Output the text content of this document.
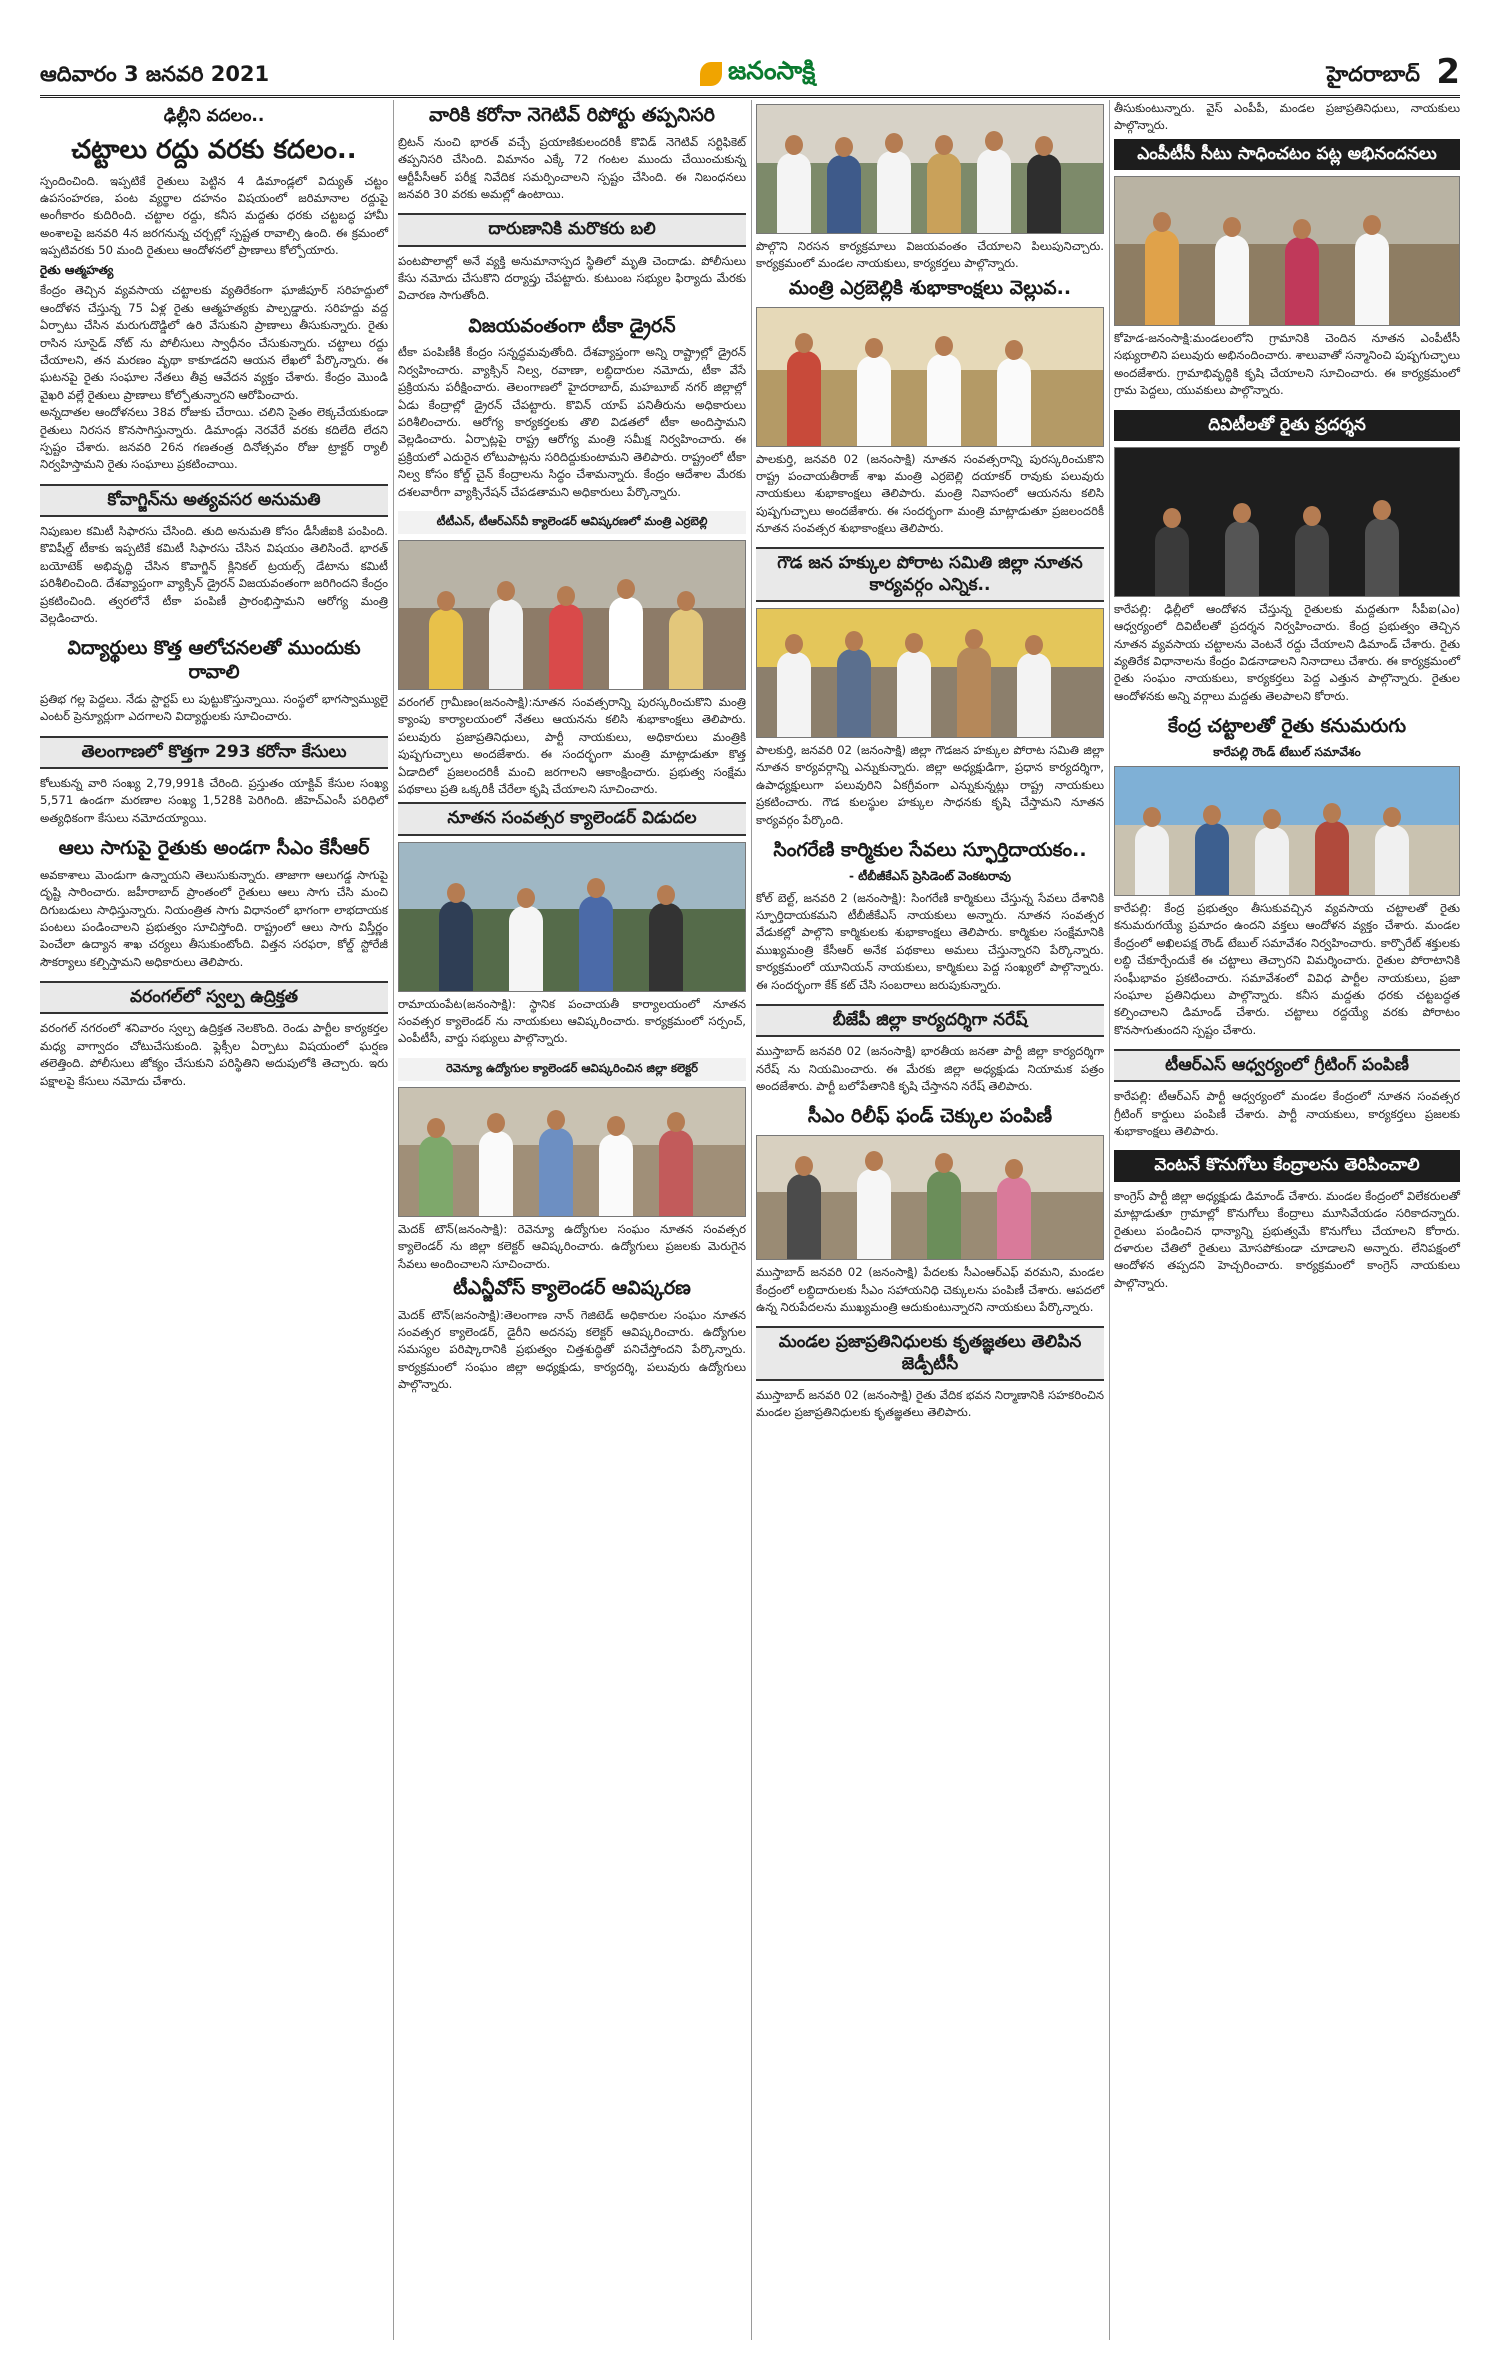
ఆదివారం 3 జనవరి 2021	జనంసాక్షి	హైదరాబాద్ 2
ఢిల్లీని వదలం..
చట్టాలు రద్దు వరకు కదలం..

స్పందించింది. ఇప్పటికే రైతులు పెట్టిన 4 డిమాండ్లలో విద్యుత్ చట్టం ఉపసంహరణ, పంట వ్యర్థాల దహనం విషయంలో జరిమానాల రద్దుపై అంగీకారం కుదిరింది. చట్టాల రద్దు, కనీస మద్దతు ధరకు చట్టబద్ధ హామీ అంశాలపై జనవరి 4న జరగనున్న చర్చల్లో స్పష్టత రావాల్సి ఉంది. ఈ క్రమంలో ఇప్పటివరకు 50 మంది రైతులు ఆందోళనలో ప్రాణాలు కోల్పోయారు.

రైతు ఆత్మహత్య

కేంద్రం తెచ్చిన వ్యవసాయ చట్టాలకు వ్యతిరేకంగా ఘాజీపూర్ సరిహద్దులో ఆందోళన చేస్తున్న 75 ఏళ్ల రైతు ఆత్మహత్యకు పాల్పడ్డారు. సరిహద్దు వద్ద ఏర్పాటు చేసిన మరుగుదొడ్డిలో ఉరి వేసుకుని ప్రాణాలు తీసుకున్నారు. రైతు రాసిన సూసైడ్ నోట్ ను పోలీసులు స్వాధీనం చేసుకున్నారు. చట్టాలు రద్దు చేయాలని, తన మరణం వృథా కాకూడదని ఆయన లేఖలో పేర్కొన్నారు. ఈ ఘటనపై రైతు సంఘాల నేతలు తీవ్ర ఆవేదన వ్యక్తం చేశారు. కేంద్రం మొండి వైఖరి వల్లే రైతులు ప్రాణాలు కోల్పోతున్నారని ఆరోపించారు.

అన్నదాతల ఆందోళనలు 38వ రోజుకు చేరాయి. చలిని సైతం లెక్కచేయకుండా రైతులు నిరసన కొనసాగిస్తున్నారు. డిమాండ్లు నెరవేరే వరకు కదిలేది లేదని స్పష్టం చేశారు. జనవరి 26న గణతంత్ర దినోత్సవం రోజు ట్రాక్టర్ ర్యాలీ నిర్వహిస్తామని రైతు సంఘాలు ప్రకటించాయి.

కోవాగ్జిన్‌ను అత్యవసర అనుమతి

నిపుణుల కమిటీ సిఫారసు చేసింది. తుది అనుమతి కోసం డీసీజీఐకి పంపింది. కొవిషీల్డ్ టీకాకు ఇప్పటికే కమిటీ సిఫారసు చేసిన విషయం తెలిసిందే. భారత్ బయోటెక్ అభివృద్ధి చేసిన కొవాగ్జిన్ క్లినికల్ ట్రయల్స్ డేటాను కమిటీ పరిశీలించింది. దేశవ్యాప్తంగా వ్యాక్సిన్ డ్రైరన్ విజయవంతంగా జరిగిందని కేంద్రం ప్రకటించింది. త్వరలోనే టీకా పంపిణీ ప్రారంభిస్తామని ఆరోగ్య మంత్రి వెల్లడించారు.

విద్యార్థులు కొత్త ఆలోచనలతో ముందుకు రావాలి

ప్రతిభ గల్ల పెద్దలు. నేడు స్టార్టప్ లు పుట్టుకొస్తున్నాయి. సంస్థలో భాగస్వామ్యులై ఎంటర్ ప్రెన్యూర్లుగా ఎదగాలని విద్యార్థులకు సూచించారు.

తెలంగాణలో కొత్తగా 293 కరోనా కేసులు

కోలుకున్న వారి సంఖ్య 2,79,991కి చేరింది. ప్రస్తుతం యాక్టివ్ కేసుల సంఖ్య 5,571 ఉండగా మరణాల సంఖ్య 1,528కి పెరిగింది. జీహెచ్ఎంసీ పరిధిలో అత్యధికంగా కేసులు నమోదయ్యాయి.

ఆలు సాగుపై రైతుకు అండగా సీఎం కేసీఆర్

అవకాశాలు మెండుగా ఉన్నాయని తెలుసుకున్నారు. తాజాగా ఆలుగడ్డ సాగుపై దృష్టి సారించారు. జహీరాబాద్ ప్రాంతంలో రైతులు ఆలు సాగు చేసి మంచి దిగుబడులు సాధిస్తున్నారు. నియంత్రిత సాగు విధానంలో భాగంగా లాభదాయక పంటలు పండించాలని ప్రభుత్వం సూచిస్తోంది. రాష్ట్రంలో ఆలు సాగు విస్తీర్ణం పెంచేలా ఉద్యాన శాఖ చర్యలు తీసుకుంటోంది. విత్తన సరఫరా, కోల్డ్ స్టోరేజీ సౌకర్యాలు కల్పిస్తామని అధికారులు తెలిపారు.

వరంగల్‌లో స్వల్ప ఉద్రిక్తత

వరంగల్ నగరంలో శనివారం స్వల్ప ఉద్రిక్తత నెలకొంది. రెండు పార్టీల కార్యకర్తల మధ్య వాగ్వాదం చోటుచేసుకుంది. ఫ్లెక్సీల ఏర్పాటు విషయంలో ఘర్షణ తలెత్తింది. పోలీసులు జోక్యం చేసుకుని పరిస్థితిని అదుపులోకి తెచ్చారు. ఇరు పక్షాలపై కేసులు నమోదు చేశారు.

వారికి కరోనా నెగెటివ్ రిపోర్టు తప్పనిసరి

బ్రిటన్ నుంచి భారత్ వచ్చే ప్రయాణికులందరికీ కొవిడ్ నెగెటివ్ సర్టిఫికెట్ తప్పనిసరి చేసింది. విమానం ఎక్కే 72 గంటల ముందు చేయించుకున్న ఆర్టీపీసీఆర్ పరీక్ష నివేదిక సమర్పించాలని స్పష్టం చేసింది. ఈ నిబంధనలు జనవరి 30 వరకు అమల్లో ఉంటాయి.

దారుణానికి మరొకరు బలి

పంటపొలాల్లో అనే వ్యక్తి అనుమానాస్పద స్థితిలో మృతి చెందాడు. పోలీసులు కేసు నమోదు చేసుకొని దర్యాప్తు చేపట్టారు. కుటుంబ సభ్యుల ఫిర్యాదు మేరకు విచారణ సాగుతోంది.

విజయవంతంగా టీకా డ్రైరన్

టీకా పంపిణీకి కేంద్రం సన్నద్ధమవుతోంది. దేశవ్యాప్తంగా అన్ని రాష్ట్రాల్లో డ్రైరన్ నిర్వహించారు. వ్యాక్సిన్ నిల్వ, రవాణా, లబ్ధిదారుల నమోదు, టీకా వేసే ప్రక్రియను పరీక్షించారు. తెలంగాణలో హైదరాబాద్, మహబూబ్ నగర్ జిల్లాల్లో ఏడు కేంద్రాల్లో డ్రైరన్ చేపట్టారు. కొవిన్ యాప్ పనితీరును అధికారులు పరిశీలించారు. ఆరోగ్య కార్యకర్తలకు తొలి విడతలో టీకా అందిస్తామని వెల్లడించారు. ఏర్పాట్లపై రాష్ట్ర ఆరోగ్య మంత్రి సమీక్ష నిర్వహించారు. ఈ ప్రక్రియలో ఎదురైన లోటుపాట్లను సరిదిద్దుకుంటామని తెలిపారు. రాష్ట్రంలో టీకా నిల్వ కోసం కోల్డ్ చైన్ కేంద్రాలను సిద్ధం చేశామన్నారు. కేంద్రం ఆదేశాల మేరకు దశలవారీగా వ్యాక్సినేషన్ చేపడతామని అధికారులు పేర్కొన్నారు.

టీటీఎన్, టీఆర్ఎస్‌వీ క్యాలెండర్ ఆవిష్కరణలో మంత్రి ఎర్రబెల్లి

వరంగల్ గ్రామీణం(జనంసాక్షి):నూతన సంవత్సరాన్ని పురస్కరించుకొని మంత్రి క్యాంపు కార్యాలయంలో నేతలు ఆయనను కలిసి శుభాకాంక్షలు తెలిపారు. పలువురు ప్రజాప్రతినిధులు, పార్టీ నాయకులు, అధికారులు మంత్రికి పుష్పగుచ్ఛాలు అందజేశారు. ఈ సందర్భంగా మంత్రి మాట్లాడుతూ కొత్త ఏడాదిలో ప్రజలందరికీ మంచి జరగాలని ఆకాంక్షించారు. ప్రభుత్వ సంక్షేమ పథకాలు ప్రతి ఒక్కరికీ చేరేలా కృషి చేయాలని సూచించారు.

నూతన సంవత్సర క్యాలెండర్ విడుదల

రామాయంపేట(జనంసాక్షి): స్థానిక పంచాయతీ కార్యాలయంలో నూతన సంవత్సర క్యాలెండర్ ను నాయకులు ఆవిష్కరించారు. కార్యక్రమంలో సర్పంచ్, ఎంపీటీసీ, వార్డు సభ్యులు పాల్గొన్నారు.

రెవెన్యూ ఉద్యోగుల క్యాలెండర్ ఆవిష్కరించిన జిల్లా కలెక్టర్

మెదక్ టౌన్(జనంసాక్షి): రెవెన్యూ ఉద్యోగుల సంఘం నూతన సంవత్సర క్యాలెండర్ ను జిల్లా కలెక్టర్ ఆవిష్కరించారు. ఉద్యోగులు ప్రజలకు మెరుగైన సేవలు అందించాలని సూచించారు.

టీఎన్జీవోస్ క్యాలెండర్ ఆవిష్కరణ

మెదక్ టౌన్(జనంసాక్షి):తెలంగాణ నాన్ గెజిటెడ్ అధికారుల సంఘం నూతన సంవత్సర క్యాలెండర్, డైరీని అదనపు కలెక్టర్ ఆవిష్కరించారు. ఉద్యోగుల సమస్యల పరిష్కారానికి ప్రభుత్వం చిత్తశుద్ధితో పనిచేస్తోందని పేర్కొన్నారు. కార్యక్రమంలో సంఘం జిల్లా అధ్యక్షుడు, కార్యదర్శి, పలువురు ఉద్యోగులు పాల్గొన్నారు.

పొల్గొని నిరసన కార్యక్రమాలు విజయవంతం చేయాలని పిలుపునిచ్చారు. కార్యక్రమంలో మండల నాయకులు, కార్యకర్తలు పాల్గొన్నారు.

మంత్రి ఎర్రబెల్లికి శుభాకాంక్షలు వెల్లువ..

పాలకుర్తి, జనవరి 02 (జనంసాక్షి) నూతన సంవత్సరాన్ని పురస్కరించుకొని రాష్ట్ర పంచాయతీరాజ్ శాఖ మంత్రి ఎర్రబెల్లి దయాకర్ రావుకు పలువురు నాయకులు శుభాకాంక్షలు తెలిపారు. మంత్రి నివాసంలో ఆయనను కలిసి పుష్పగుచ్ఛాలు అందజేశారు. ఈ సందర్భంగా మంత్రి మాట్లాడుతూ ప్రజలందరికీ నూతన సంవత్సర శుభాకాంక్షలు తెలిపారు.

గౌడ జన హక్కుల పోరాట సమితి జిల్లా నూతన కార్యవర్గం ఎన్నిక..

పాలకుర్తి, జనవరి 02 (జనంసాక్షి) జిల్లా గౌడజన హక్కుల పోరాట సమితి జిల్లా నూతన కార్యవర్గాన్ని ఎన్నుకున్నారు. జిల్లా అధ్యక్షుడిగా, ప్రధాన కార్యదర్శిగా, ఉపాధ్యక్షులుగా పలువురిని ఏకగ్రీవంగా ఎన్నుకున్నట్లు రాష్ట్ర నాయకులు ప్రకటించారు. గౌడ కులస్థుల హక్కుల సాధనకు కృషి చేస్తామని నూతన కార్యవర్గం పేర్కొంది.

సింగరేణి కార్మికుల సేవలు స్ఫూర్తిదాయకం..
- టీబీజీకేఎస్ ప్రెసిడెంట్ వెంకటరావు

కోల్ బెల్ట్, జనవరి 2 (జనంసాక్షి): సింగరేణి కార్మికులు చేస్తున్న సేవలు దేశానికి స్ఫూర్తిదాయకమని టీబీజీకేఎస్ నాయకులు అన్నారు. నూతన సంవత్సర వేడుకల్లో పాల్గొని కార్మికులకు శుభాకాంక్షలు తెలిపారు. కార్మికుల సంక్షేమానికి ముఖ్యమంత్రి కేసీఆర్ అనేక పథకాలు అమలు చేస్తున్నారని పేర్కొన్నారు. కార్యక్రమంలో యూనియన్ నాయకులు, కార్మికులు పెద్ద సంఖ్యలో పాల్గొన్నారు. ఈ సందర్భంగా కేక్ కట్ చేసి సంబరాలు జరుపుకున్నారు.

బీజేపీ జిల్లా కార్యదర్శిగా నరేష్

ముస్తాబాద్ జనవరి 02 (జనంసాక్షి) భారతీయ జనతా పార్టీ జిల్లా కార్యదర్శిగా నరేష్ ను నియమించారు. ఈ మేరకు జిల్లా అధ్యక్షుడు నియామక పత్రం అందజేశారు. పార్టీ బలోపేతానికి కృషి చేస్తానని నరేష్ తెలిపారు.

సీఎం రిలీఫ్ ఫండ్ చెక్కుల పంపిణీ

ముస్తాబాద్ జనవరి 02 (జనంసాక్షి) పేదలకు సీఎంఆర్ఎఫ్ వరమని, మండల కేంద్రంలో లబ్ధిదారులకు సీఎం సహాయనిధి చెక్కులను పంపిణీ చేశారు. ఆపదలో ఉన్న నిరుపేదలను ముఖ్యమంత్రి ఆదుకుంటున్నారని నాయకులు పేర్కొన్నారు.

మండల ప్రజాప్రతినిధులకు కృతజ్ఞతలు తెలిపిన జెడ్పీటీసీ

ముస్తాబాద్ జనవరి 02 (జనంసాక్షి) రైతు వేదిక భవన నిర్మాణానికి సహకరించిన మండల ప్రజాప్రతినిధులకు కృతజ్ఞతలు తెలిపారు.

తీసుకుంటున్నారు. వైస్ ఎంపీపీ, మండల ప్రజాప్రతినిధులు, నాయకులు పాల్గొన్నారు.

ఎంపీటీసీ సీటు సాధించటం పట్ల అభినందనలు

కోహెడ-జనంసాక్షి:మండలంలోని గ్రామానికి చెందిన నూతన ఎంపీటీసీ సభ్యురాలిని పలువురు అభినందించారు. శాలువాతో సన్మానించి పుష్పగుచ్ఛాలు అందజేశారు. గ్రామాభివృద్ధికి కృషి చేయాలని సూచించారు. ఈ కార్యక్రమంలో గ్రామ పెద్దలు, యువకులు పాల్గొన్నారు.

దివిటీలతో రైతు ప్రదర్శన

కారేపల్లి: ఢిల్లీలో ఆందోళన చేస్తున్న రైతులకు మద్దతుగా సీపీఐ(ఎం) ఆధ్వర్యంలో దివిటీలతో ప్రదర్శన నిర్వహించారు. కేంద్ర ప్రభుత్వం తెచ్చిన నూతన వ్యవసాయ చట్టాలను వెంటనే రద్దు చేయాలని డిమాండ్ చేశారు. రైతు వ్యతిరేక విధానాలను కేంద్రం విడనాడాలని నినాదాలు చేశారు. ఈ కార్యక్రమంలో రైతు సంఘం నాయకులు, కార్యకర్తలు పెద్ద ఎత్తున పాల్గొన్నారు. రైతుల ఆందోళనకు అన్ని వర్గాలు మద్దతు తెలపాలని కోరారు.

కేంద్ర చట్టాలతో రైతు కనుమరుగు
కారేపల్లి రౌండ్ టేబుల్ సమావేశం

కారేపల్లి: కేంద్ర ప్రభుత్వం తీసుకువచ్చిన వ్యవసాయ చట్టాలతో రైతు కనుమరుగయ్యే ప్రమాదం ఉందని వక్తలు ఆందోళన వ్యక్తం చేశారు. మండల కేంద్రంలో అఖిలపక్ష రౌండ్ టేబుల్ సమావేశం నిర్వహించారు. కార్పొరేట్ శక్తులకు లబ్ధి చేకూర్చేందుకే ఈ చట్టాలు తెచ్చారని విమర్శించారు. రైతుల పోరాటానికి సంఘీభావం ప్రకటించారు. సమావేశంలో వివిధ పార్టీల నాయకులు, ప్రజా సంఘాల ప్రతినిధులు పాల్గొన్నారు. కనీస మద్దతు ధరకు చట్టబద్ధత కల్పించాలని డిమాండ్ చేశారు. చట్టాలు రద్దయ్యే వరకు పోరాటం కొనసాగుతుందని స్పష్టం చేశారు.

టీఆర్ఎస్ ఆధ్వర్యంలో గ్రీటింగ్ పంపిణీ

కారేపల్లి: టీఆర్ఎస్ పార్టీ ఆధ్వర్యంలో మండల కేంద్రంలో నూతన సంవత్సర గ్రీటింగ్ కార్డులు పంపిణీ చేశారు. పార్టీ నాయకులు, కార్యకర్తలు ప్రజలకు శుభాకాంక్షలు తెలిపారు.

వెంటనే కొనుగోలు కేంద్రాలను తెరిపించాలి

కాంగ్రెస్ పార్టీ జిల్లా అధ్యక్షుడు డిమాండ్ చేశారు. మండల కేంద్రంలో విలేకరులతో మాట్లాడుతూ గ్రామాల్లో కొనుగోలు కేంద్రాలు మూసివేయడం సరికాదన్నారు. రైతులు పండించిన ధాన్యాన్ని ప్రభుత్వమే కొనుగోలు చేయాలని కోరారు. దళారుల చేతిలో రైతులు మోసపోకుండా చూడాలని అన్నారు. లేనిపక్షంలో ఆందోళన తప్పదని హెచ్చరించారు. కార్యక్రమంలో కాంగ్రెస్ నాయకులు పాల్గొన్నారు.
